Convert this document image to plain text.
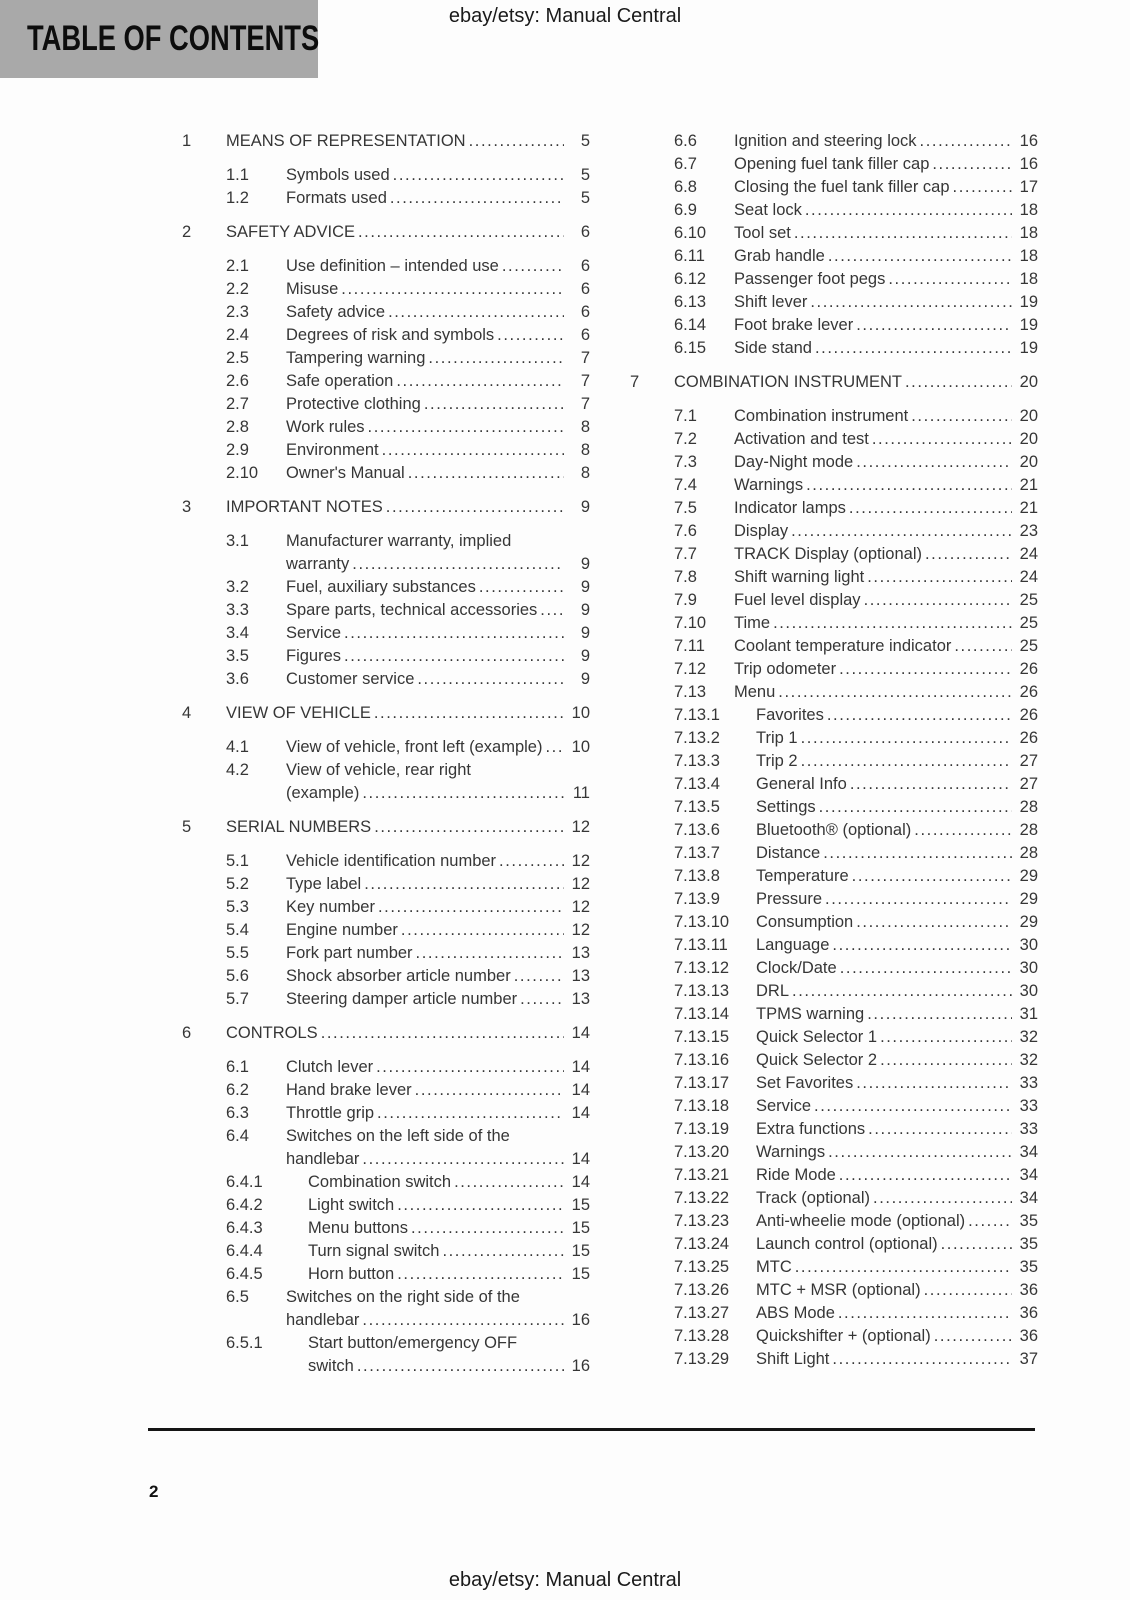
ebay/etsy: Manual Central
TABLE OF CONTENTS
1	MEANS OF REPRESENTATION .....	5
1.1	Symbols used .....	5
1.2	Formats used .....	5
2	SAFETY ADVICE .....	6
2.1	Use definition – intended use .....	6
2.2	Misuse .....	6
2.3	Safety advice .....	6
2.4	Degrees of risk and symbols .....	6
2.5	Tampering warning .....	7
2.6	Safe operation .....	7
2.7	Protective clothing .....	7
2.8	Work rules .....	8
2.9	Environment .....	8
2.10	Owner's Manual .....	8
3	IMPORTANT NOTES .....	9
3.1	Manufacturer warranty, implied
warranty .....	9
3.2	Fuel, auxiliary substances .....	9
3.3	Spare parts, technical accessories .....	9
3.4	Service .....	9
3.5	Figures .....	9
3.6	Customer service .....	9
4	VIEW OF VEHICLE .....	10
4.1	View of vehicle, front left (example) ..... 10
4.2	View of vehicle, rear right
(example) .....	11
5	SERIAL NUMBERS .....	12
5.1	Vehicle identification number .....	12
5.2	Type label .....	12
5.3	Key number .....	12
5.4	Engine number .....	12
5.5	Fork part number .....	13
5.6	Shock absorber article number .....	13
5.7	Steering damper article number .....	13
6	CONTROLS .....	14
6.1	Clutch lever .....	14
6.2	Hand brake lever .....	14
6.3	Throttle grip .....	14
6.4	Switches on the left side of the
handlebar .....	14
6.4.1	Combination switch .....	14
6.4.2	Light switch .....	15
6.4.3	Menu buttons .....	15
6.4.4	Turn signal switch .....	15
6.4.5	Horn button .....	15
6.5	Switches on the right side of the
handlebar .....	16
6.5.1	Start button/emergency OFF
switch .....	16
6.6	Ignition and steering lock .....	16
6.7	Opening fuel tank filler cap .....	16
6.8	Closing the fuel tank filler cap .....	17
6.9	Seat lock .....	18
6.10	Tool set .....	18
6.11	Grab handle .....	18
6.12	Passenger foot pegs .....	18
6.13	Shift lever .....	19
6.14	Foot brake lever .....	19
6.15	Side stand .....	19
7	COMBINATION INSTRUMENT .....	20
7.1	Combination instrument .....	20
7.2	Activation and test .....	20
7.3	Day-Night mode .....	20
7.4	Warnings .....	21
7.5	Indicator lamps .....	21
7.6	Display .....	23
7.7	TRACK Display (optional) .....	24
7.8	Shift warning light .....	24
7.9	Fuel level display .....	25
7.10	Time .....	25
7.11	Coolant temperature indicator .....	25
7.12	Trip odometer .....	26
7.13	Menu .....	26
7.13.1	Favorites .....	26
7.13.2	Trip 1 .....	26
7.13.3	Trip 2 .....	27
7.13.4	General Info .....	27
7.13.5	Settings .....	28
7.13.6	Bluetooth® (optional) .....	28
7.13.7	Distance .....	28
7.13.8	Temperature .....	29
7.13.9	Pressure .....	29
7.13.10	Consumption .....	29
7.13.11	Language .....	30
7.13.12	Clock/Date .....	30
7.13.13	DRL .....	30
7.13.14	TPMS warning .....	31
7.13.15	Quick Selector 1 .....	32
7.13.16	Quick Selector 2 .....	32
7.13.17	Set Favorites .....	33
7.13.18	Service .....	33
7.13.19	Extra functions .....	33
7.13.20	Warnings .....	34
7.13.21	Ride Mode .....	34
7.13.22	Track (optional) .....	34
7.13.23	Anti-wheelie mode (optional) .....	35
7.13.24	Launch control (optional) .....	35
7.13.25	MTC .....	35
7.13.26	MTC + MSR (optional) .....	36
7.13.27	ABS Mode .....	36
7.13.28	Quickshifter + (optional) .....	36
7.13.29	Shift Light .....	37
2
ebay/etsy: Manual Central
